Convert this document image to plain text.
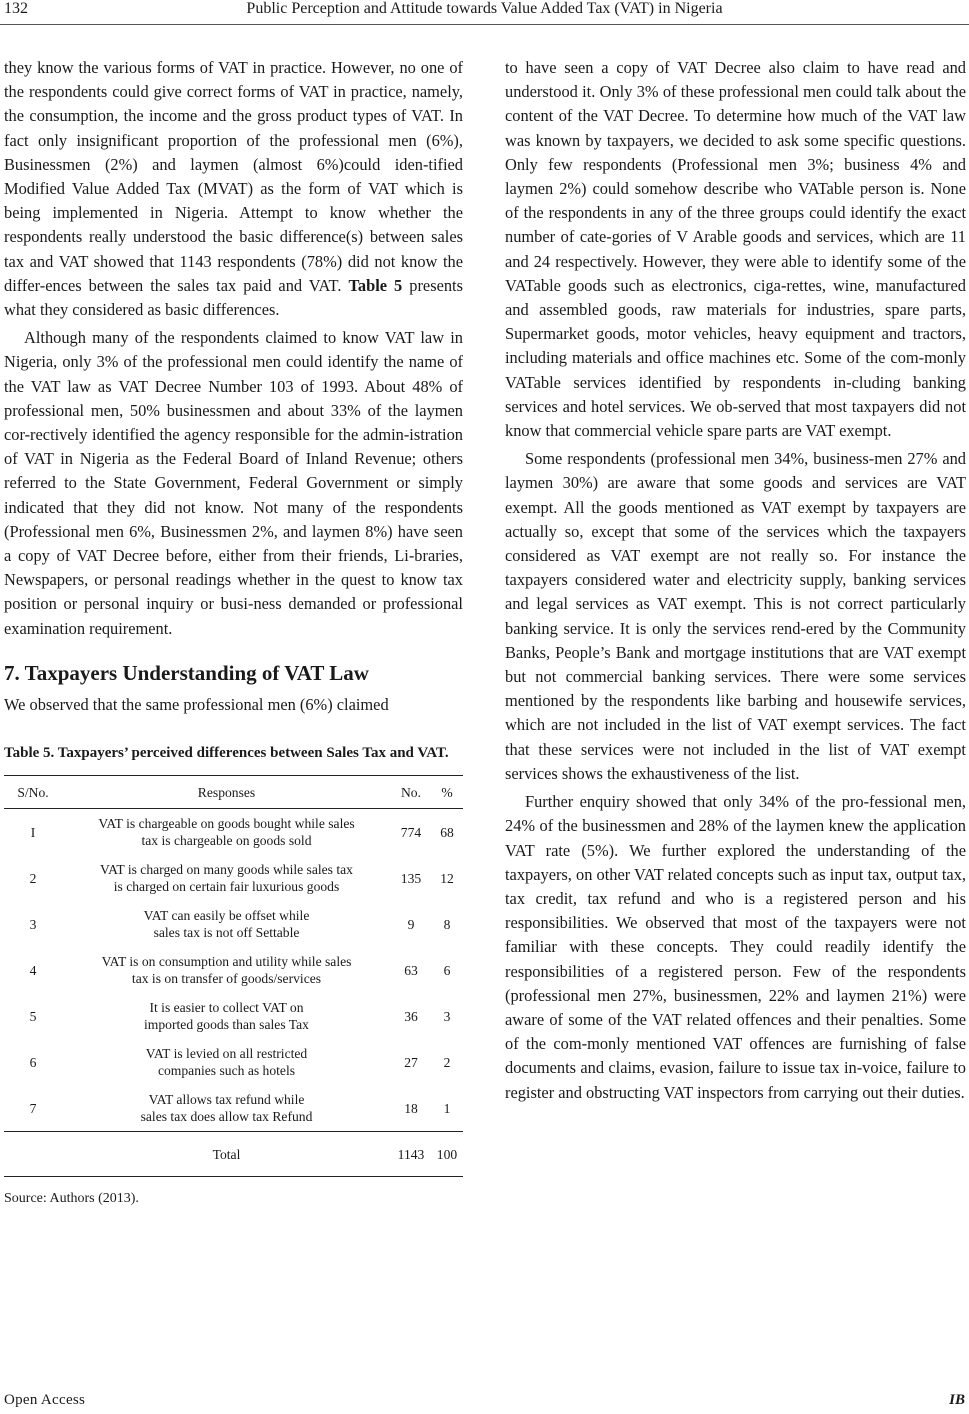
132	Public Perception and Attitude towards Value Added Tax (VAT) in Nigeria

they know the various forms of VAT in practice. However, no one of the respondents could give correct forms of VAT in practice, namely, the consumption, the income and the gross product types of VAT. In fact only insignificant proportion of the professional men (6%), Businessmen (2%) and laymen (almost 6%)could iden-tified Modified Value Added Tax (MVAT) as the form of VAT which is being implemented in Nigeria. Attempt to know whether the respondents really understood the basic difference(s) between sales tax and VAT showed that 1143 respondents (78%) did not know the differ-ences between the sales tax paid and VAT. Table 5 presents what they considered as basic differences.

Although many of the respondents claimed to know VAT law in Nigeria, only 3% of the professional men could identify the name of the VAT law as VAT Decree Number 103 of 1993. About 48% of professional men, 50% businessmen and about 33% of the laymen cor-rectively identified the agency responsible for the admin-istration of VAT in Nigeria as the Federal Board of Inland Revenue; others referred to the State Government, Federal Government or simply indicated that they did not know. Not many of the respondents (Professional men 6%, Businessmen 2%, and laymen 8%) have seen a copy of VAT Decree before, either from their friends, Li-braries, Newspapers, or personal readings whether in the quest to know tax position or personal inquiry or busi-ness demanded or professional examination requirement.

7. Taxpayers Understanding of VAT Law

We observed that the same professional men (6%) claimed

Table 5. Taxpayers’ perceived differences between Sales Tax and VAT.

S/No.	Responses	No.	%
I	VAT is chargeable on goods bought while sales
tax is chargeable on goods sold	774	68
2	VAT is charged on many goods while sales tax
is charged on certain fair luxurious goods	135	12
3	VAT can easily be offset while
sales tax is not off Settable	9	8
4	VAT is on consumption and utility while sales
tax is on transfer of goods/services	63	6
5	It is easier to collect VAT on
imported goods than sales Tax	36	3
6	VAT is levied on all restricted
companies such as hotels	27	2
7	VAT allows tax refund while
sales tax does allow tax Refund	18	1
	Total	1143	100

Source: Authors (2013).

to have seen a copy of VAT Decree also claim to have read and understood it. Only 3% of these professional men could talk about the content of the VAT Decree. To determine how much of the VAT law was known by taxpayers, we decided to ask some specific questions. Only few respondents (Professional men 3%; business 4% and laymen 2%) could somehow describe who VATable person is. None of the respondents in any of the three groups could identify the exact number of cate-gories of V Arable goods and services, which are 11 and 24 respectively. However, they were able to identify some of the VATable goods such as electronics, ciga-rettes, wine, manufactured and assembled goods, raw materials for industries, spare parts, Supermarket goods, motor vehicles, heavy equipment and tractors, including materials and office machines etc. Some of the com-monly VATable services identified by respondents in-cluding banking services and hotel services. We ob-served that most taxpayers did not know that commercial vehicle spare parts are VAT exempt.

Some respondents (professional men 34%, business-men 27% and laymen 30%) are aware that some goods and services are VAT exempt. All the goods mentioned as VAT exempt by taxpayers are actually so, except that some of the services which the taxpayers considered as VAT exempt are not really so. For instance the taxpayers considered water and electricity supply, banking services and legal services as VAT exempt. This is not correct particularly banking service. It is only the services rend-ered by the Community Banks, People’s Bank and mortgage institutions that are VAT exempt but not commercial banking services. There were some services mentioned by the respondents like barbing and housewife services, which are not included in the list of VAT exempt services. The fact that these services were not included in the list of VAT exempt services shows the exhaustiveness of the list.

Further enquiry showed that only 34% of the pro-fessional men, 24% of the businessmen and 28% of the laymen knew the application VAT rate (5%). We further explored the understanding of the taxpayers, on other VAT related concepts such as input tax, output tax, tax credit, tax refund and who is a registered person and his responsibilities. We observed that most of the taxpayers were not familiar with these concepts. They could readily identify the responsibilities of a registered person. Few of the respondents (professional men 27%, businessmen, 22% and laymen 21%) were aware of some of the VAT related offences and their penalties. Some of the com-monly mentioned VAT offences are furnishing of false documents and claims, evasion, failure to issue tax in-voice, failure to register and obstructing VAT inspectors from carrying out their duties.

Open Access	IB
